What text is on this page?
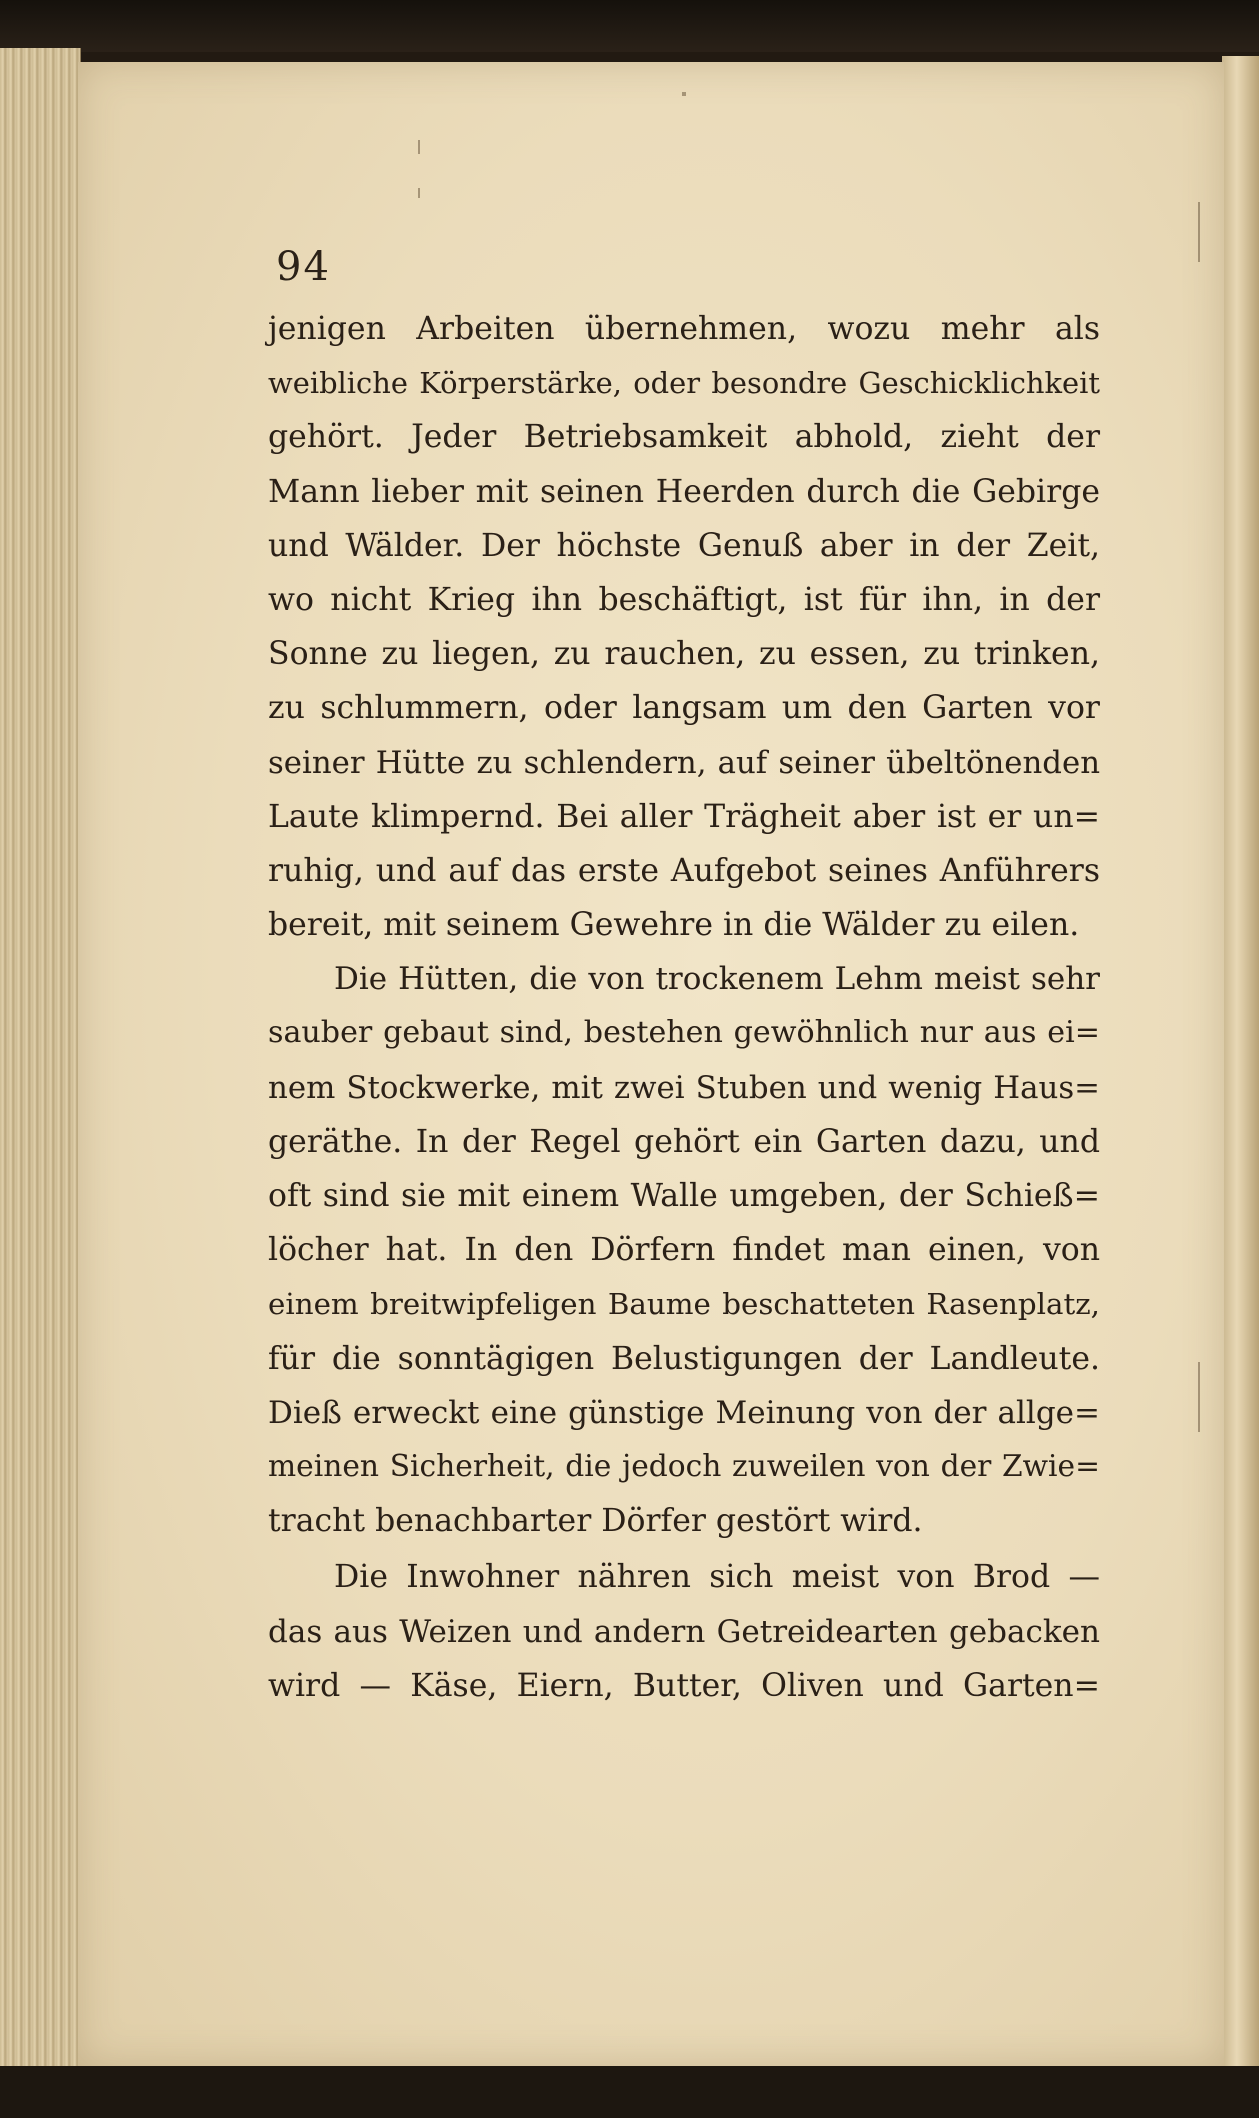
94
jenigen Arbeiten übernehmen, wozu mehr als
weibliche Körperstärke, oder besondre Geschicklichkeit
gehört. Jeder Betriebsamkeit abhold, zieht der
Mann lieber mit seinen Heerden durch die Gebirge
und Wälder. Der höchste Genuß aber in der Zeit,
wo nicht Krieg ihn beschäftigt, ist für ihn, in der
Sonne zu liegen, zu rauchen, zu essen, zu trinken,
zu schlummern, oder langsam um den Garten vor
seiner Hütte zu schlendern, auf seiner übeltönenden
Laute klimpernd. Bei aller Trägheit aber ist er un=
ruhig, und auf das erste Aufgebot seines Anführers
bereit, mit seinem Gewehre in die Wälder zu eilen.
Die Hütten, die von trockenem Lehm meist sehr
sauber gebaut sind, bestehen gewöhnlich nur aus ei=
nem Stockwerke, mit zwei Stuben und wenig Haus=
geräthe. In der Regel gehört ein Garten dazu, und
oft sind sie mit einem Walle umgeben, der Schieß=
löcher hat. In den Dörfern findet man einen, von
einem breitwipfeligen Baume beschatteten Rasenplatz,
für die sonntägigen Belustigungen der Landleute.
Dieß erweckt eine günstige Meinung von der allge=
meinen Sicherheit, die jedoch zuweilen von der Zwie=
tracht benachbarter Dörfer gestört wird.
Die Inwohner nähren sich meist von Brod —
das aus Weizen und andern Getreidearten gebacken
wird — Käse, Eiern, Butter, Oliven und Garten=
